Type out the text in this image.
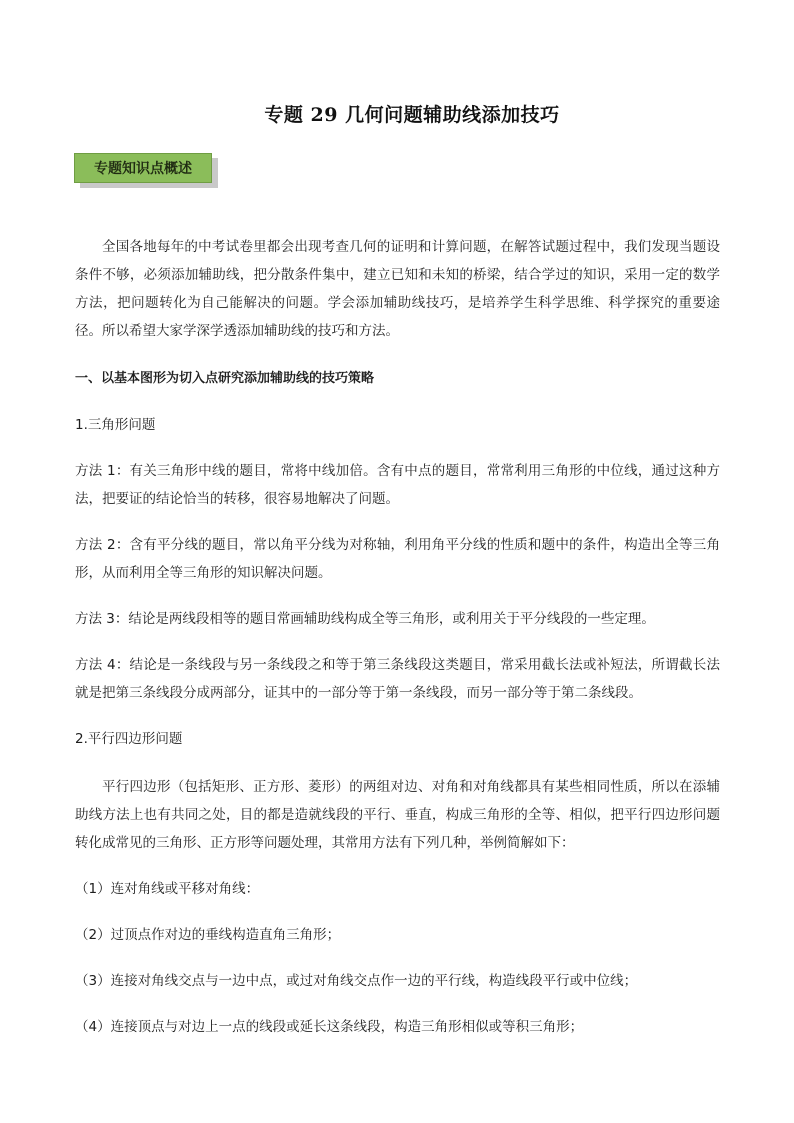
专题 29 几何问题辅助线添加技巧
专题知识点概述

全国各地每年的中考试卷里都会出现考查几何的证明和计算问题，在解答试题过程中，我们发现当题设条件不够，必须添加辅助线，把分散条件集中，建立已知和未知的桥梁，结合学过的知识，采用一定的数学方法，把问题转化为自己能解决的问题。学会添加辅助线技巧，是培养学生科学思维、科学探究的重要途径。所以希望大家学深学透添加辅助线的技巧和方法。

一、以基本图形为切入点研究添加辅助线的技巧策略

1.三角形问题

方法 1：有关三角形中线的题目，常将中线加倍。含有中点的题目，常常利用三角形的中位线，通过这种方法，把要证的结论恰当的转移，很容易地解决了问题。

方法 2：含有平分线的题目，常以角平分线为对称轴，利用角平分线的性质和题中的条件，构造出全等三角形，从而利用全等三角形的知识解决问题。

方法 3：结论是两线段相等的题目常画辅助线构成全等三角形，或利用关于平分线段的一些定理。

方法 4：结论是一条线段与另一条线段之和等于第三条线段这类题目，常采用截长法或补短法，所谓截长法就是把第三条线段分成两部分，证其中的一部分等于第一条线段，而另一部分等于第二条线段。

2.平行四边形问题

平行四边形（包括矩形、正方形、菱形）的两组对边、对角和对角线都具有某些相同性质，所以在添辅助线方法上也有共同之处，目的都是造就线段的平行、垂直，构成三角形的全等、相似，把平行四边形问题转化成常见的三角形、正方形等问题处理，其常用方法有下列几种，举例简解如下：

（1）连对角线或平移对角线：

（2）过顶点作对边的垂线构造直角三角形；

（3）连接对角线交点与一边中点，或过对角线交点作一边的平行线，构造线段平行或中位线；

（4）连接顶点与对边上一点的线段或延长这条线段，构造三角形相似或等积三角形；
